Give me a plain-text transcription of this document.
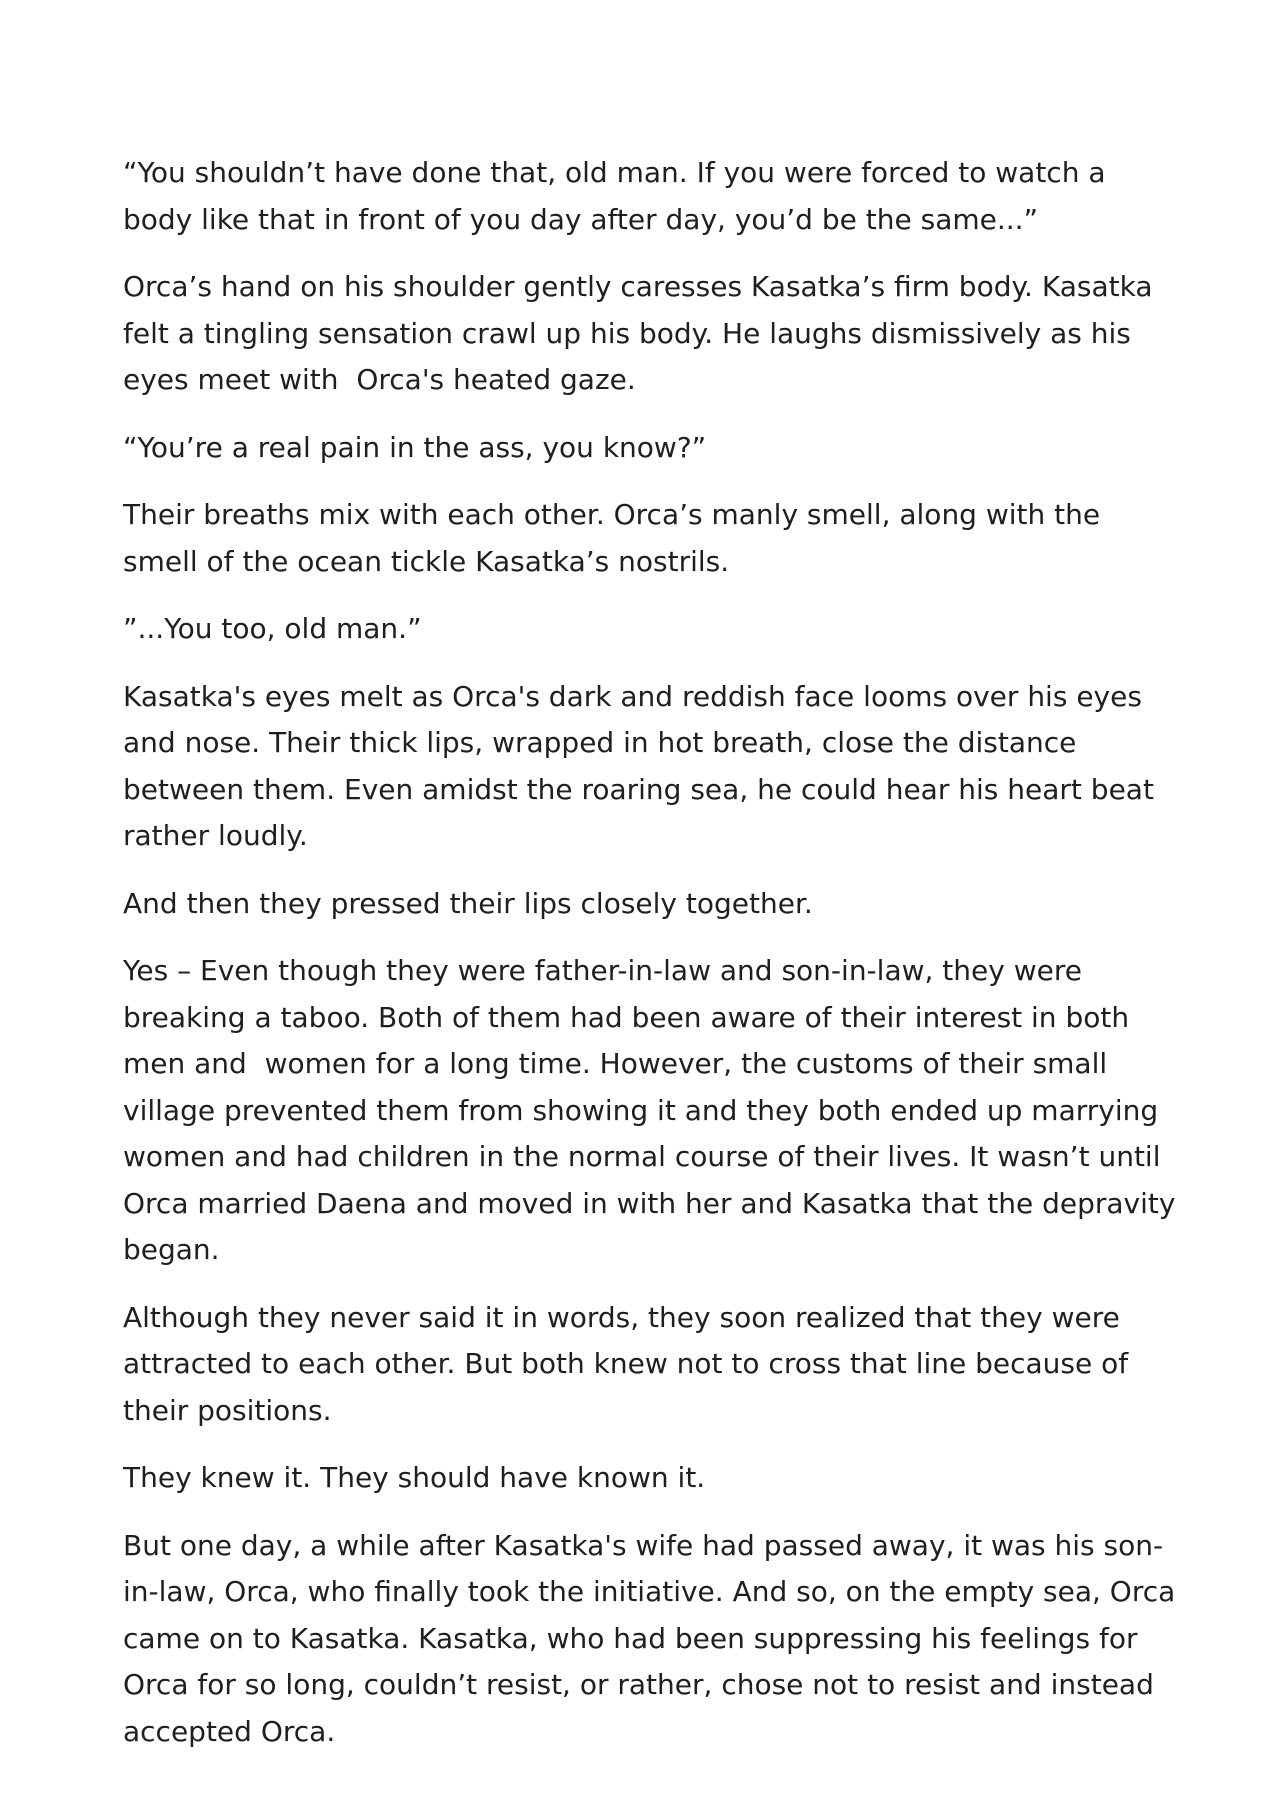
“You shouldn’t have done that, old man. If you were forced to watch a body like that in front of you day after day, you’d be the same...”

Orca’s hand on his shoulder gently caresses Kasatka’s firm body. Kasatka felt a tingling sensation crawl up his body. He laughs dismissively as his eyes meet with  Orca's heated gaze.

“You’re a real pain in the ass, you know?”

Their breaths mix with each other. Orca’s manly smell, along with the smell of the ocean tickle Kasatka’s nostrils.

”...You too, old man.”

Kasatka's eyes melt as Orca's dark and reddish face looms over his eyes and nose. Their thick lips, wrapped in hot breath, close the distance between them. Even amidst the roaring sea, he could hear his heart beat rather loudly.

And then they pressed their lips closely together.

Yes – Even though they were father-in-law and son-in-law, they were breaking a taboo. Both of them had been aware of their interest in both men and  women for a long time. However, the customs of their small village prevented them from showing it and they both ended up marrying women and had children in the normal course of their lives. It wasn’t until Orca married Daena and moved in with her and Kasatka that the depravity began.

Although they never said it in words, they soon realized that they were attracted to each other. But both knew not to cross that line because of their positions.

They knew it. They should have known it.

But one day, a while after Kasatka's wife had passed away, it was his son-in-law, Orca, who finally took the initiative. And so, on the empty sea, Orca came on to Kasatka. Kasatka, who had been suppressing his feelings for Orca for so long, couldn’t resist, or rather, chose not to resist and instead accepted Orca.
